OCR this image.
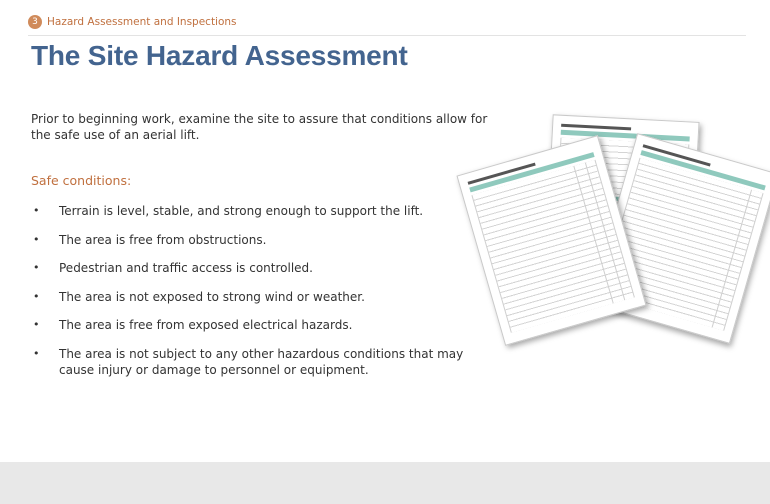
3 Hazard Assessment and Inspections
The Site Hazard Assessment

Prior to beginning work, examine the site to assure that conditions allow for the safe use of an aerial lift.

Safe conditions:

• Terrain is level, stable, and strong enough to support the lift.
• The area is free from obstructions.
• Pedestrian and traffic access is controlled.
• The area is not exposed to strong wind or weather.
• The area is free from exposed electrical hazards.
• The area is not subject to any other hazardous conditions that may cause injury or damage to personnel or equipment.
